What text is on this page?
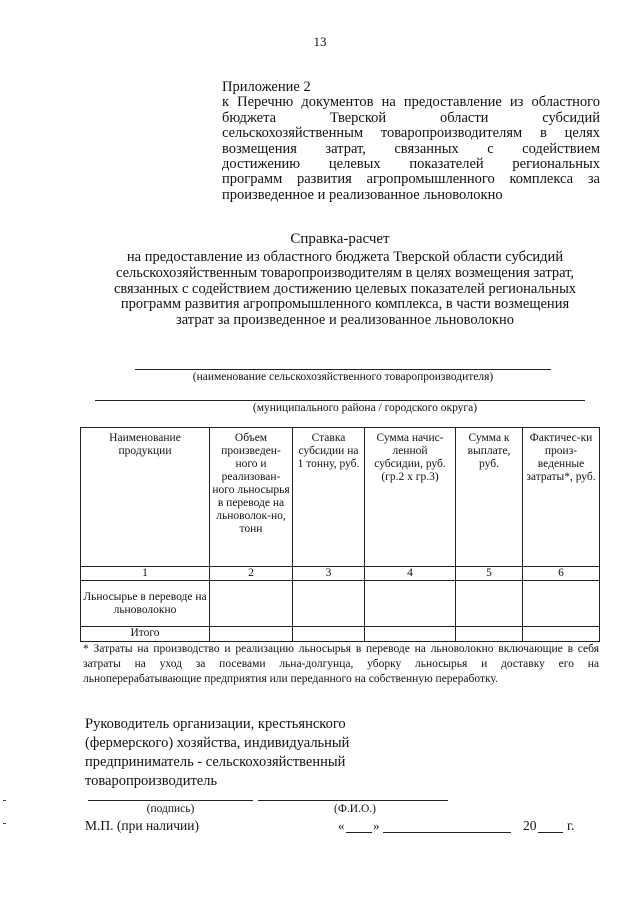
13
Приложение 2
к Перечню документов на предоставление из областного
бюджета Тверской области субсидий
сельскохозяйственным товаропроизводителям в целях
возмещения затрат, связанных с содействием
достижению целевых показателей региональных
программ развития агропромышленного комплекса за
произведенное и реализованное льноволокно
Справка-расчет
на предоставление из областного бюджета Тверской области субсидий
сельскохозяйственным товаропроизводителям в целях возмещения затрат,
связанных с содействием достижению целевых показателей региональных
программ развития агропромышленного комплекса, в части возмещения
затрат за произведенное и реализованное льноволокно
(наименование сельскохозяйственного товаропроизводителя)
(муниципального района / городского округа)
Наименование продукции	Объем произведен-ного и реализован-ного льносырья в переводе на льноволок-но, тонн	Ставка субсидии на 1 тонну, руб.	Сумма начис-ленной субсидии, руб. (гр.2 х гр.3)	Сумма к выплате, руб.	Фактичес-ки произ-веденные затраты*, руб.
1	2	3	4	5	6
Льносырье в переводе на льноволокно					
Итого					
* Затраты на производство и реализацию льносырья в переводе на льноволокно включающие в себя затраты на уход за посевами льна-долгунца, уборку льносырья и доставку его на льноперерабатывающие предприятия или переданного на собственную переработку.
Руководитель организации, крестьянского
(фермерского) хозяйства, индивидуальный
предприниматель - сельскохозяйственный
товаропроизводитель
(подпись)	(Ф.И.О.)
М.П. (при наличии)	« »	20 г.
